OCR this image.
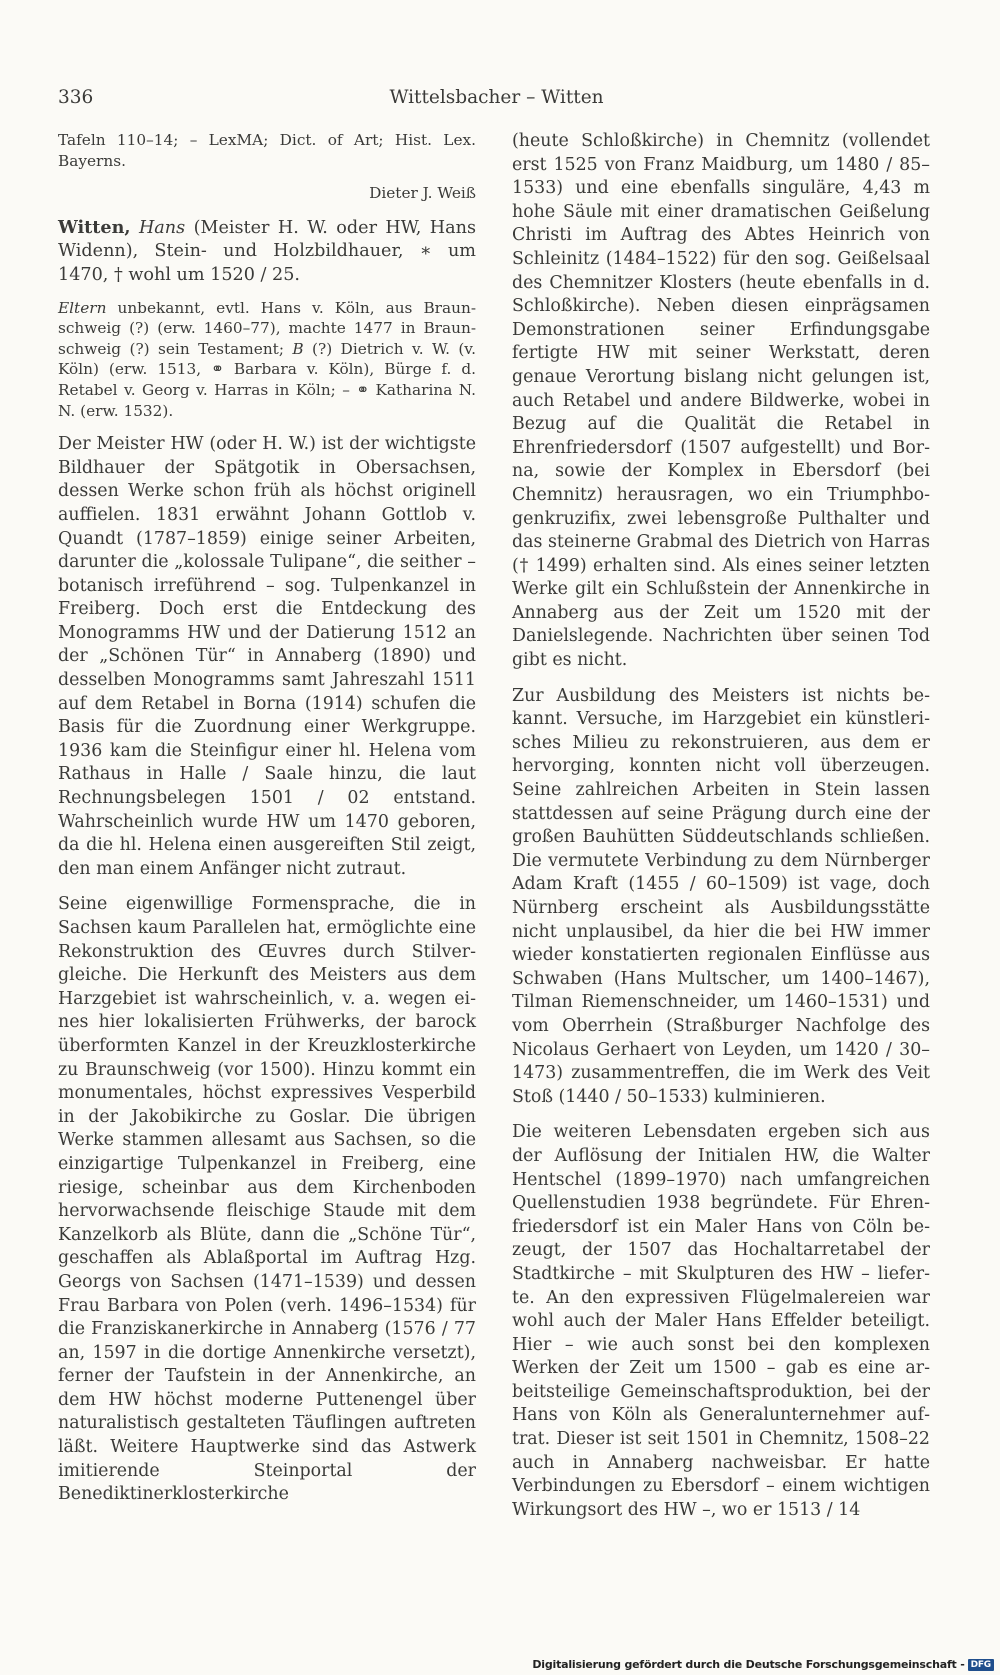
336	Wittelsbacher – Witten

Tafeln 110–14; – LexMA; Dict. of Art; Hist. Lex. Bayerns.

Dieter J. Weiß

Witten, Hans (Meister H. W. oder HW, Hans Widenn), Stein- und Holzbildhauer, ∗ um 1470, † wohl um 1520 / 25.

Eltern unbekannt, evtl. Hans v. Köln, aus Braunschweig (?) (erw. 1460–77), machte 1477 in Braunschweig (?) sein Testament; B (?) Dietrich v. W. (v. Köln) (erw. 1513, ⚭ Barbara v. Köln), Bürge f. d. Retabel v. Georg v. Harras in Köln; – ⚭ Katharina N. N. (erw. 1532).

Der Meister HW (oder H. W.) ist der wichtigste Bildhauer der Spätgotik in Obersachsen, dessen Werke schon früh als höchst originell auffielen. 1831 erwähnt Johann Gottlob v. Quandt (1787–1859) einige seiner Arbeiten, darunter die „kolossale Tulipane“, die seither – botanisch irreführend – sog. Tulpenkanzel in Freiberg. Doch erst die Entdeckung des Monogramms HW und der Datierung 1512 an der „Schönen Tür“ in Annaberg (1890) und desselben Monogramms samt Jahreszahl 1511 auf dem Retabel in Borna (1914) schufen die Basis für die Zuordnung einer Werkgruppe. 1936 kam die Steinfigur einer hl. Helena vom Rathaus in Halle / Saale hinzu, die laut Rechnungsbelegen 1501 / 02 entstand. Wahrscheinlich wurde HW um 1470 geboren, da die hl. Helena einen ausgereiften Stil zeigt, den man einem Anfänger nicht zutraut.

Seine eigenwillige Formensprache, die in Sachsen kaum Parallelen hat, ermöglichte eine Rekonstruktion des Œuvres durch Stilvergleiche. Die Herkunft des Meisters aus dem Harzgebiet ist wahrscheinlich, v. a. wegen eines hier lokalisierten Frühwerks, der barock überformten Kanzel in der Kreuzklosterkirche zu Braunschweig (vor 1500). Hinzu kommt ein monumentales, höchst expressives Vesperbild in der Jakobikirche zu Goslar. Die übrigen Werke stammen allesamt aus Sachsen, so die einzigartige Tulpenkanzel in Freiberg, eine riesige, scheinbar aus dem Kirchenboden hervorwachsende fleischige Staude mit dem Kanzelkorb als Blüte, dann die „Schöne Tür“, geschaffen als Ablaßportal im Auftrag Hzg. Georgs von Sachsen (1471–1539) und dessen Frau Barbara von Polen (verh. 1496–1534) für die Franziskanerkirche in Annaberg (1576 / 77 an, 1597 in die dortige Annenkirche versetzt), ferner der Taufstein in der Annenkirche, an dem HW höchst moderne Puttenengel über naturalistisch gestalteten Täuflingen auftreten läßt. Weitere Hauptwerke sind das Astwerk imitierende Steinportal der Benediktinerklosterkirche

(heute Schloßkirche) in Chemnitz (vollendet erst 1525 von Franz Maidburg, um 1480 / 85–1533) und eine ebenfalls singuläre, 4,43 m hohe Säule mit einer dramatischen Geißelung Christi im Auftrag des Abtes Heinrich von Schleinitz (1484–1522) für den sog. Geißelsaal des Chemnitzer Klosters (heute ebenfalls in d. Schloßkirche). Neben diesen einprägsamen Demonstrationen seiner Erfindungsgabe fertigte HW mit seiner Werkstatt, deren genaue Verortung bislang nicht gelungen ist, auch Retabel und andere Bildwerke, wobei in Bezug auf die Qualität die Retabel in Ehrenfriedersdorf (1507 aufgestellt) und Borna, sowie der Komplex in Ebersdorf (bei Chemnitz) herausragen, wo ein Triumphbogenkruzifix, zwei lebensgroße Pulthalter und das steinerne Grabmal des Dietrich von Harras († 1499) erhalten sind. Als eines seiner letzten Werke gilt ein Schlußstein der Annenkirche in Annaberg aus der Zeit um 1520 mit der Danielslegende. Nachrichten über seinen Tod gibt es nicht.

Zur Ausbildung des Meisters ist nichts bekannt. Versuche, im Harzgebiet ein künstlerisches Milieu zu rekonstruieren, aus dem er hervorging, konnten nicht voll überzeugen. Seine zahlreichen Arbeiten in Stein lassen stattdessen auf seine Prägung durch eine der großen Bauhütten Süddeutschlands schließen. Die vermutete Verbindung zu dem Nürnberger Adam Kraft (1455 / 60–1509) ist vage, doch Nürnberg erscheint als Ausbildungsstätte nicht unplausibel, da hier die bei HW immer wieder konstatierten regionalen Einflüsse aus Schwaben (Hans Multscher, um 1400–1467), Tilman Riemenschneider, um 1460–1531) und vom Oberrhein (Straßburger Nachfolge des Nicolaus Gerhaert von Leyden, um 1420 / 30–1473) zusammentreffen, die im Werk des Veit Stoß (1440 / 50–1533) kulminieren.

Die weiteren Lebensdaten ergeben sich aus der Auflösung der Initialen HW, die Walter Hentschel (1899–1970) nach umfangreichen Quellenstudien 1938 begründete. Für Ehrenfriedersdorf ist ein Maler Hans von Cöln bezeugt, der 1507 das Hochaltarretabel der Stadtkirche – mit Skulpturen des HW – lieferte. An den expressiven Flügelmalereien war wohl auch der Maler Hans Effelder beteiligt. Hier – wie auch sonst bei den komplexen Werken der Zeit um 1500 – gab es eine arbeitsteilige Gemeinschaftsproduktion, bei der Hans von Köln als Generalunternehmer auftrat. Dieser ist seit 1501 in Chemnitz, 1508–22 auch in Annaberg nachweisbar. Er hatte Verbindungen zu Ebersdorf – einem wichtigen Wirkungsort des HW –, wo er 1513 / 14

Digitalisierung gefördert durch die Deutsche Forschungsgemeinschaft - DFG
